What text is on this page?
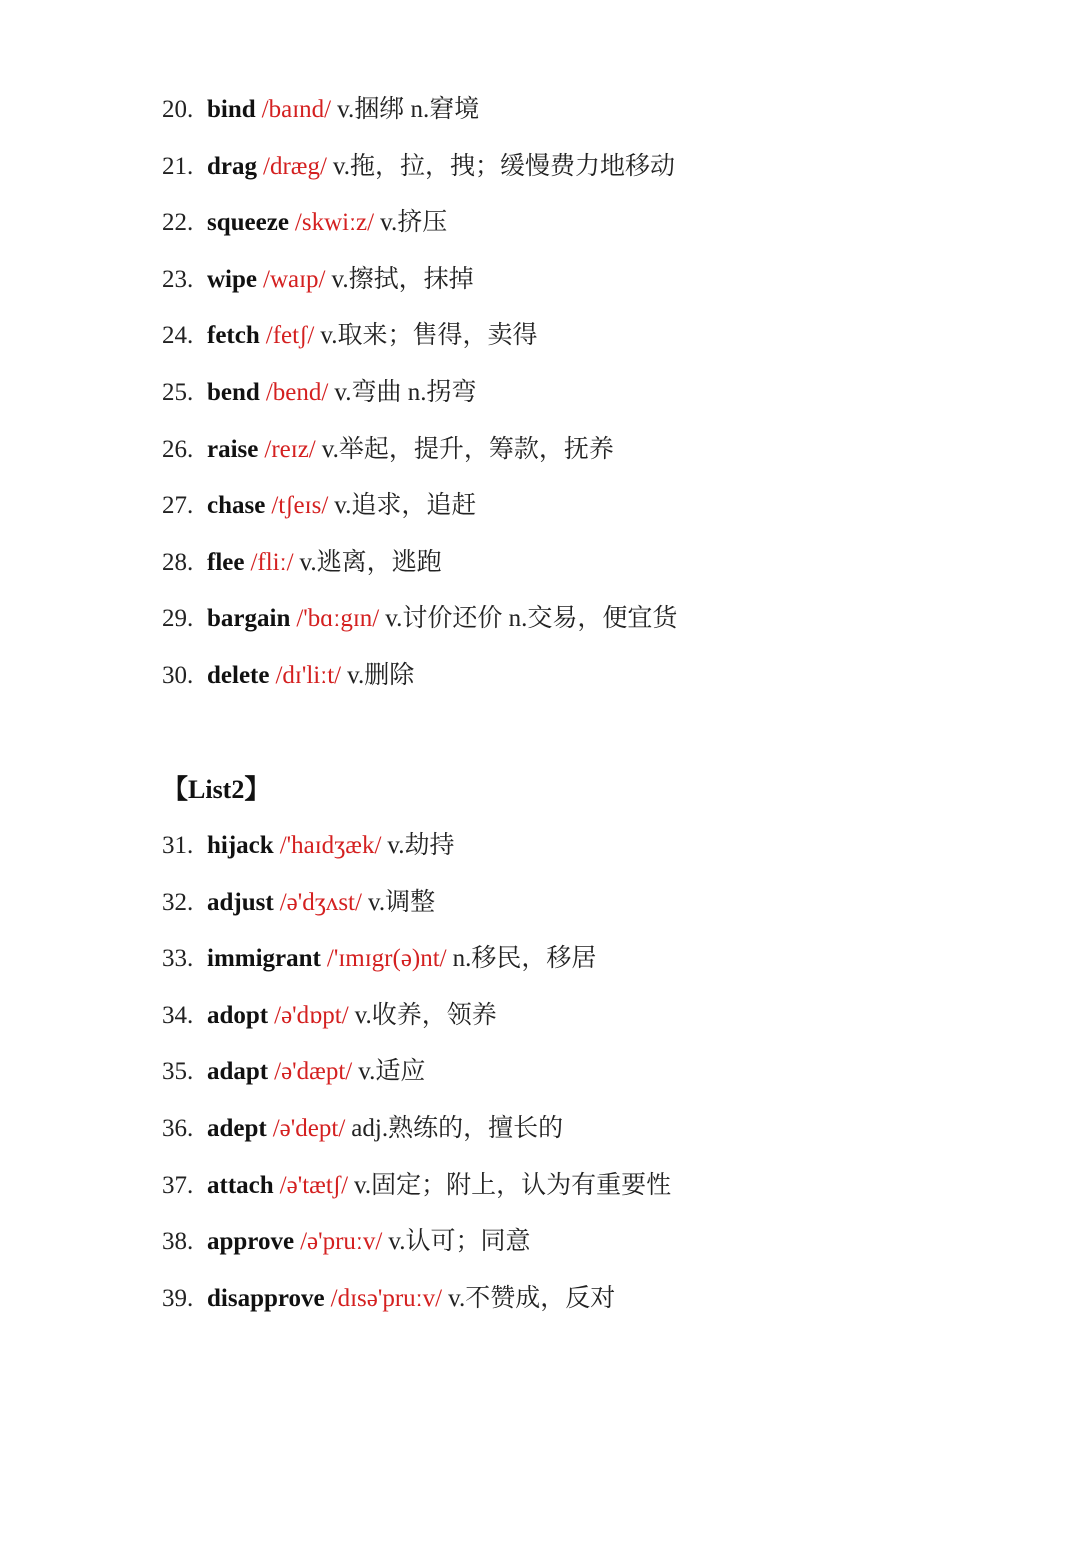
20. bind /baɪnd/ v.捆绑 n.窘境
21. drag /dræg/ v.拖，拉，拽；缓慢费力地移动
22. squeeze /skwiːz/ v.挤压
23. wipe /waɪp/ v.擦拭，抹掉
24. fetch /fetʃ/ v.取来；售得，卖得
25. bend /bend/ v.弯曲 n.拐弯
26. raise /reɪz/ v.举起，提升，筹款，抚养
27. chase /tʃeɪs/ v.追求，追赶
28. flee /fliː/ v.逃离，逃跑
29. bargain /'bɑːgɪn/ v.讨价还价 n.交易，便宜货
30. delete /dɪ'liːt/ v.删除
【List2】
31. hijack /'haɪdʒæk/ v.劫持
32. adjust /ə'dʒʌst/ v.调整
33. immigrant /'ɪmɪgr(ə)nt/ n.移民，移居
34. adopt /ə'dɒpt/ v.收养，领养
35. adapt /ə'dæpt/ v.适应
36. adept /ə'dept/ adj.熟练的，擅长的
37. attach /ə'tætʃ/ v.固定；附上，认为有重要性
38. approve /ə'pruːv/ v.认可；同意
39. disapprove /dɪsə'pruːv/ v.不赞成，反对
